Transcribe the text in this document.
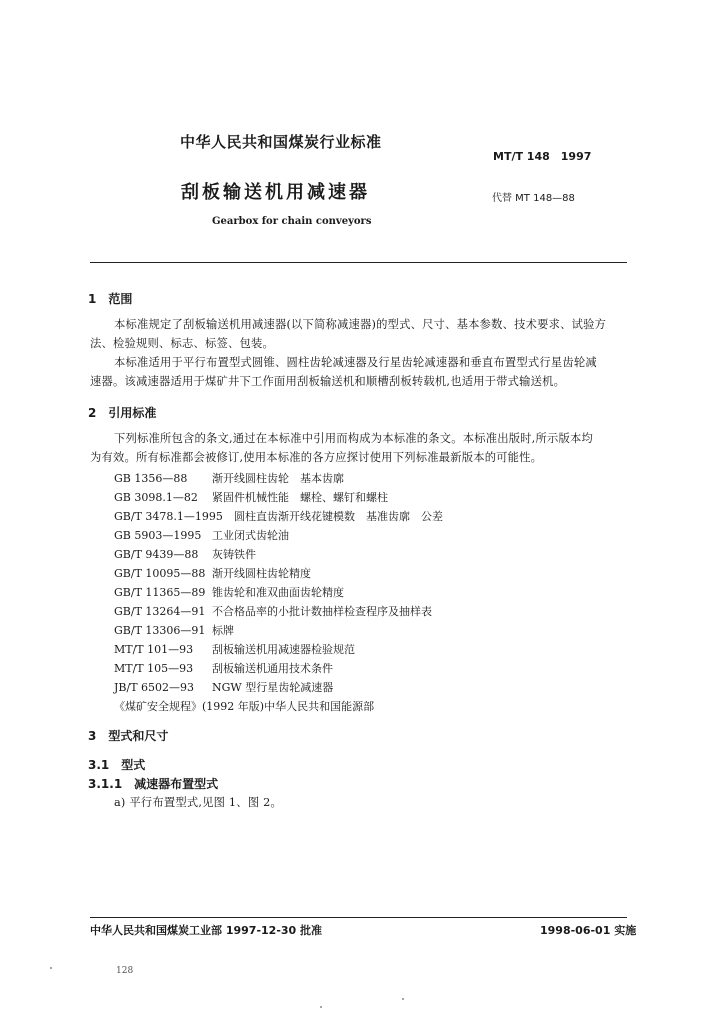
中华人民共和国煤炭行业标准
MT/T 148　1997
刮板输送机用减速器	代替 MT 148—88
Gearbox for chain conveyors
1　范围
本标准规定了刮板输送机用减速器(以下简称减速器)的型式、尺寸、基本参数、技术要求、试验方
法、检验规则、标志、标签、包装。
本标准适用于平行布置型式圆锥、圆柱齿轮减速器及行星齿轮减速器和垂直布置型式行星齿轮减
速器。该减速器适用于煤矿井下工作面用刮板输送机和顺槽刮板转载机,也适用于带式输送机。
2　引用标准
下列标准所包含的条文,通过在本标准中引用而构成为本标准的条文。本标准出版时,所示版本均
为有效。所有标准都会被修订,使用本标准的各方应探讨使用下列标准最新版本的可能性。
GB 1356—88 渐开线圆柱齿轮　基本齿廓
GB 3098.1—82 紧固件机械性能　螺栓、螺钉和螺柱
GB/T 3478.1—1995 圆柱直齿渐开线花键模数　基准齿廓　公差
GB 5903—1995 工业闭式齿轮油
GB/T 9439—88 灰铸铁件
GB/T 10095—88 渐开线圆柱齿轮精度
GB/T 11365—89 锥齿轮和准双曲面齿轮精度
GB/T 13264—91 不合格品率的小批计数抽样检查程序及抽样表
GB/T 13306—91 标牌
MT/T 101—93 刮板输送机用减速器检验规范
MT/T 105—93 刮板输送机通用技术条件
JB/T 6502—93 NGW 型行星齿轮减速器
《煤矿安全规程》(1992 年版)中华人民共和国能源部
3　型式和尺寸
3.1　型式
3.1.1　减速器布置型式
a) 平行布置型式,见图 1、图 2。
中华人民共和国煤炭工业部 1997-12-30 批准	1998-06-01 实施
128
